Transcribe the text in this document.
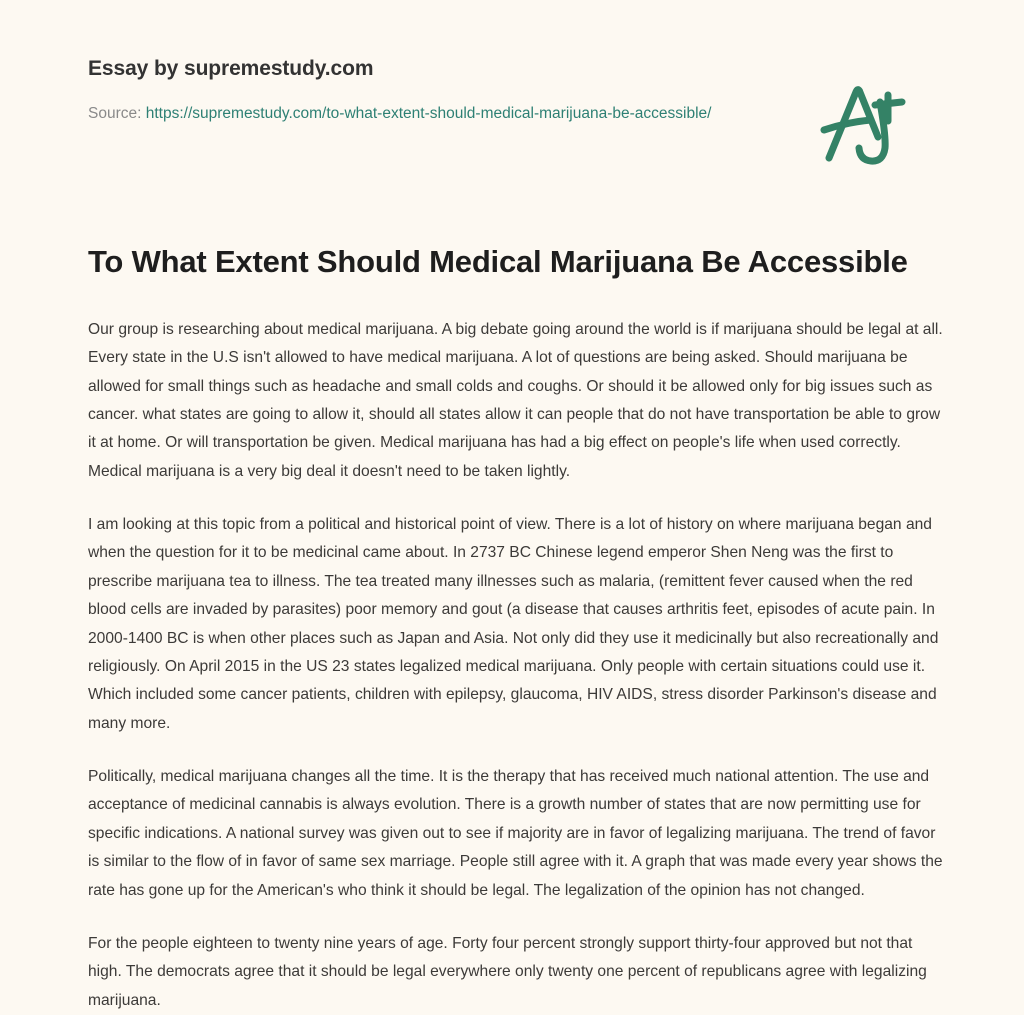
Essay by supremestudy.com
Source: https://supremestudy.com/to-what-extent-should-medical-marijuana-be-accessible/
To What Extent Should Medical Marijuana Be Accessible

Our group is researching about medical marijuana. A big debate going around the world is if marijuana should be legal at all. Every state in the U.S isn't allowed to have medical marijuana. A lot of questions are being asked. Should marijuana be allowed for small things such as headache and small colds and coughs. Or should it be allowed only for big issues such as cancer. what states are going to allow it, should all states allow it can people that do not have transportation be able to grow it at home. Or will transportation be given. Medical marijuana has had a big effect on people's life when used correctly. Medical marijuana is a very big deal it doesn't need to be taken lightly.

I am looking at this topic from a political and historical point of view. There is a lot of history on where marijuana began and when the question for it to be medicinal came about. In 2737 BC Chinese legend emperor Shen Neng was the first to prescribe marijuana tea to illness. The tea treated many illnesses such as malaria, (remittent fever caused when the red blood cells are invaded by parasites) poor memory and gout (a disease that causes arthritis feet, episodes of acute pain. In 2000-1400 BC is when other places such as Japan and Asia. Not only did they use it medicinally but also recreationally and religiously. On April 2015 in the US 23 states legalized medical marijuana. Only people with certain situations could use it. Which included some cancer patients, children with epilepsy, glaucoma, HIV AIDS, stress disorder Parkinson's disease and many more.

Politically, medical marijuana changes all the time. It is the therapy that has received much national attention. The use and acceptance of medicinal cannabis is always evolution. There is a growth number of states that are now permitting use for specific indications. A national survey was given out to see if majority are in favor of legalizing marijuana. The trend of favor is similar to the flow of in favor of same sex marriage. People still agree with it. A graph that was made every year shows the rate has gone up for the American's who think it should be legal. The legalization of the opinion has not changed.

For the people eighteen to twenty nine years of age. Forty four percent strongly support thirty-four approved but not that high. The democrats agree that it should be legal everywhere only twenty one percent of republicans agree with legalizing marijuana.
